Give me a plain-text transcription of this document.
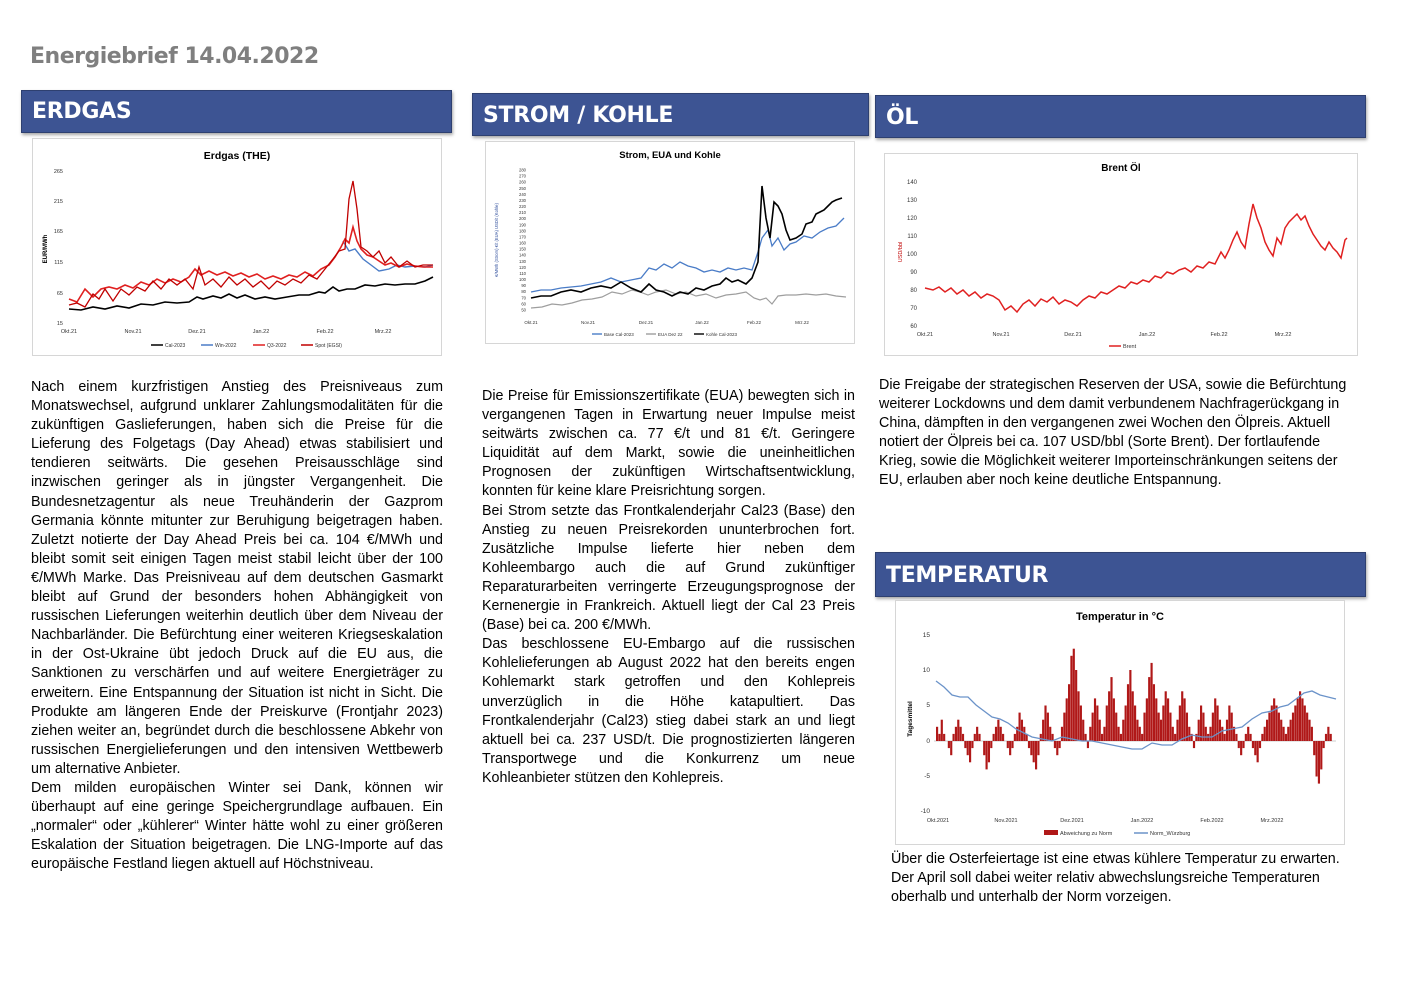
Energiebrief 14.04.2022
ERDGAS	STROM / KOHLE	ÖL
TEMPERATUR
Erdgas (THE)
EUR/MWh
265
215
165
115
65
15
Okt.21	Nov.21	Dez.21	Jan.22	Feb.22	Mrz.22
Cal-2023	Win-2022	Q3-2022	Spot (EGSI)
Strom, EUA und Kohle
€/MWh (Strom) €/t (EUA) USD/t (Kohle)
280
270
260
250
240
230
220
210
200
190
180
170
160
150
140
130
120
110
100
90
80
70
60
50
Okt.21	Nov.21	Dez.21	Jan.22	Feb.22	Mrz.22
Base Cal-2023	EUA Dez 22	Kohle Cal-2023
Brent Öl
USD/bbl
140
130
120
110
100
90
80
70
60
Okt.21	Nov.21	Dez.21	Jan.22	Feb.22	Mrz.22
Brent
Temperatur in °C
Tagesmittel
15
10
5
0
-5
-10
Okt.2021	Nov.2021	Dez.2021	Jan.2022	Feb.2022	Mrz.2022
Abweichung zu Norm	Norm_Würzburg

Nach einem kurzfristigen Anstieg des Preisniveaus zum Monatswechsel, aufgrund unklarer Zahlungsmodalitäten für die zukünftigen Gaslieferungen, haben sich die Preise für die Lieferung des Folgetags (Day Ahead) etwas stabilisiert und tendieren seitwärts. Die gesehen Preisausschläge sind inzwischen geringer als in jüngster Vergangenheit. Die Bundesnetzagentur als neue Treuhänderin der Gazprom Germania könnte mitunter zur Beruhigung beigetragen haben. Zuletzt notierte der Day Ahead Preis bei ca. 104 €/MWh und bleibt somit seit einigen Tagen meist stabil leicht über der 100 €/MWh Marke. Das Preisniveau auf dem deutschen Gasmarkt bleibt auf Grund der besonders hohen Abhängigkeit von russischen Lieferungen weiterhin deutlich über dem Niveau der Nachbarländer. Die Befürchtung einer weiteren Kriegseskalation in der Ost-Ukraine übt jedoch Druck auf die EU aus, die Sanktionen zu verschärfen und auf weitere Energieträger zu erweitern. Eine Entspannung der Situation ist nicht in Sicht. Die Produkte am längeren Ende der Preiskurve (Frontjahr 2023) ziehen weiter an, begründet durch die beschlossene Abkehr von russischen Energielieferungen und den intensiven Wettbewerb um alternative Anbieter.

Dem milden europäischen Winter sei Dank, können wir überhaupt auf eine geringe Speichergrundlage aufbauen. Ein „normaler“ oder „kühlerer“ Winter hätte wohl zu einer größeren Eskalation der Situation beigetragen. Die LNG-Importe auf das europäische Festland liegen aktuell auf Höchstniveau.

Die Preise für Emissionszertifikate (EUA) bewegten sich in vergangenen Tagen in Erwartung neuer Impulse meist seitwärts zwischen ca. 77 €/t und 81 €/t. Geringere Liquidität auf dem Markt, sowie die uneinheitlichen Prognosen der zukünftigen Wirtschaftsentwicklung, konnten für keine klare Preisrichtung sorgen.

Bei Strom setzte das Frontkalenderjahr Cal23 (Base) den Anstieg zu neuen Preisrekorden ununterbrochen fort. Zusätzliche Impulse lieferte hier neben dem Kohleembargo auch die auf Grund zukünftiger Reparaturarbeiten verringerte Erzeugungsprognose der Kernenergie in Frankreich. Aktuell liegt der Cal 23 Preis (Base) bei ca. 200 €/MWh.

Das beschlossene EU-Embargo auf die russischen Kohlelieferungen ab August 2022 hat den bereits engen Kohlemarkt stark getroffen und den Kohlepreis unverzüglich in die Höhe katapultiert. Das Frontkalenderjahr (Cal23) stieg dabei stark an und liegt aktuell bei ca. 237 USD/t. Die prognostizierten längeren Transportwege und die Konkurrenz um neue Kohleanbieter stützen den Kohlepreis.

Die Freigabe der strategischen Reserven der USA, sowie die Befürchtung weiterer Lockdowns und dem damit verbundenem Nachfragerückgang in China, dämpften in den vergangenen zwei Wochen den Ölpreis. Aktuell notiert der Ölpreis bei ca. 107 USD/bbl (Sorte Brent). Der fortlaufende Krieg, sowie die Möglichkeit weiterer Importeinschränkungen seitens der EU, erlauben aber noch keine deutliche Entspannung.

Über die Osterfeiertage ist eine etwas kühlere Temperatur zu erwarten. Der April soll dabei weiter relativ abwechslungsreiche Temperaturen oberhalb und unterhalb der Norm vorzeigen.
